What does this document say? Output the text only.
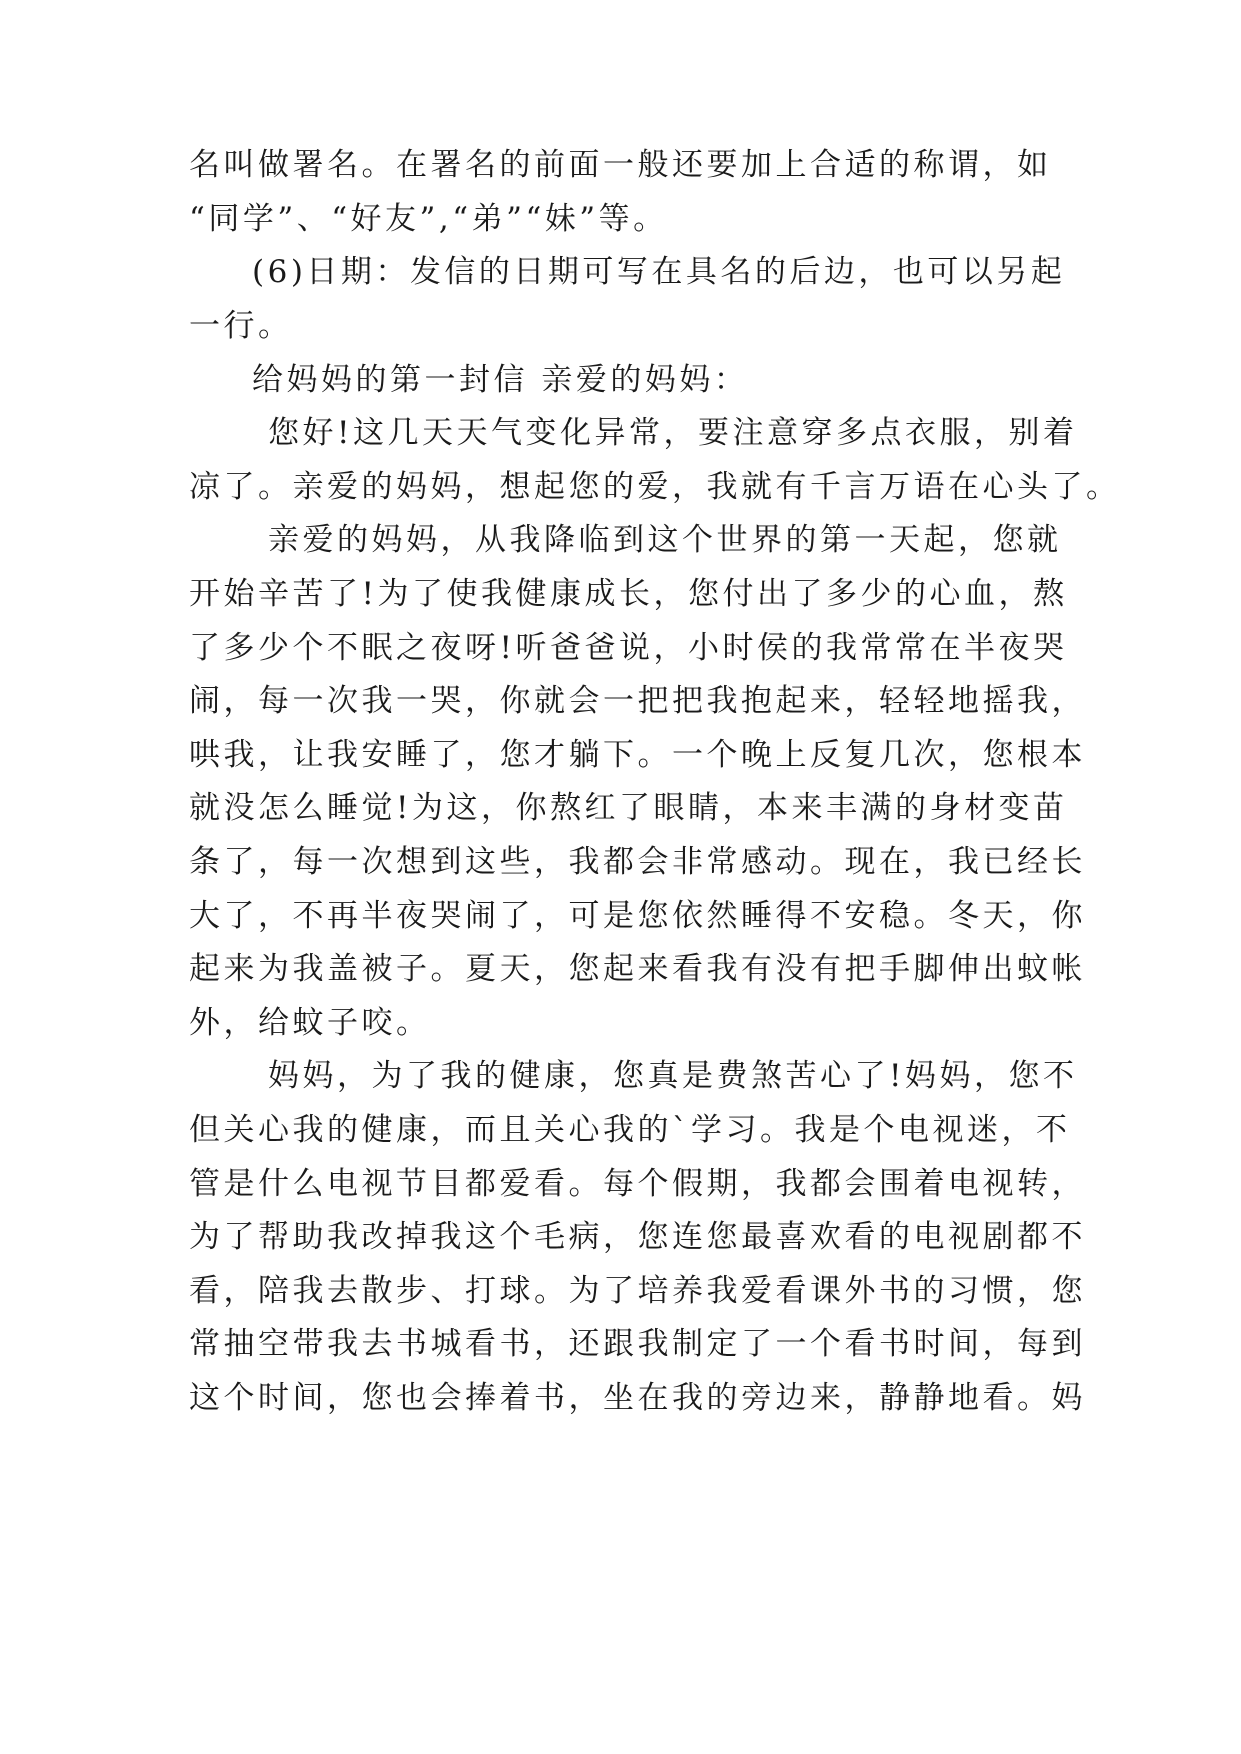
名叫做署名。在署名的前面一般还要加上合适的称谓，如
“同学”、“好友”,“弟”“妹”等。
(6)日期：发信的日期可写在具名的后边，也可以另起
一行。
给妈妈的第一封信 亲爱的妈妈：
您好!这几天天气变化异常，要注意穿多点衣服，别着
凉了。亲爱的妈妈，想起您的爱，我就有千言万语在心头了。
亲爱的妈妈，从我降临到这个世界的第一天起，您就
开始辛苦了!为了使我健康成长，您付出了多少的心血，熬
了多少个不眠之夜呀!听爸爸说，小时侯的我常常在半夜哭
闹，每一次我一哭，你就会一把把我抱起来，轻轻地摇我，
哄我，让我安睡了，您才躺下。一个晚上反复几次，您根本
就没怎么睡觉!为这，你熬红了眼睛，本来丰满的身材变苗
条了，每一次想到这些，我都会非常感动。现在，我已经长
大了，不再半夜哭闹了，可是您依然睡得不安稳。冬天，你
起来为我盖被子。夏天，您起来看我有没有把手脚伸出蚊帐
外，给蚊子咬。
妈妈，为了我的健康，您真是费煞苦心了!妈妈，您不
但关心我的健康，而且关心我的`学习。我是个电视迷，不
管是什么电视节目都爱看。每个假期，我都会围着电视转，
为了帮助我改掉我这个毛病，您连您最喜欢看的电视剧都不
看，陪我去散步、打球。为了培养我爱看课外书的习惯，您
常抽空带我去书城看书，还跟我制定了一个看书时间，每到
这个时间，您也会捧着书，坐在我的旁边来，静静地看。妈
